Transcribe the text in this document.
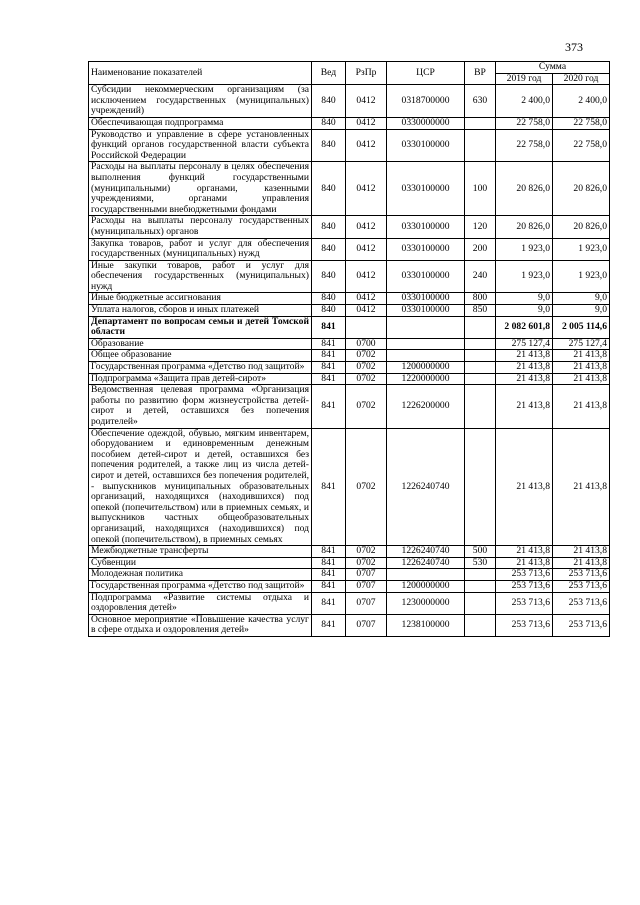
373
Наименование показателей	Вед	РзПр	ЦСР	ВР	Сумма	
					2019 год	2020 год
Субсидии некоммерческим организациям (за исключением государственных (муниципальных) учреждений)	840	0412	0318700000	630	2 400,0	2 400,0
Обеспечивающая подпрограмма	840	0412	0330000000		22 758,0	22 758,0
Руководство и управление в сфере установленных функций органов государственной власти субъекта Российской Федерации	840	0412	0330100000		22 758,0	22 758,0
Расходы на выплаты персоналу в целях обеспечения выполнения функций государственными (муниципальными) органами, казенными учреждениями, органами управления государственными внебюджетными фондами	840	0412	0330100000	100	20 826,0	20 826,0
Расходы на выплаты персоналу государственных (муниципальных) органов	840	0412	0330100000	120	20 826,0	20 826,0
Закупка товаров, работ и услуг для обеспечения государственных (муниципальных) нужд	840	0412	0330100000	200	1 923,0	1 923,0
Иные закупки товаров, работ и услуг для обеспечения государственных (муниципальных) нужд	840	0412	0330100000	240	1 923,0	1 923,0
Иные бюджетные ассигнования	840	0412	0330100000	800	9,0	9,0
Уплата налогов, сборов и иных платежей	840	0412	0330100000	850	9,0	9,0
Департамент по вопросам семьи и детей Томской области	841				2 082 601,8	2 005 114,6
Образование	841	0700			275 127,4	275 127,4
Общее образование	841	0702			21 413,8	21 413,8
Государственная программа «Детство под защитой»	841	0702	1200000000		21 413,8	21 413,8
Подпрограмма «Защита прав детей-сирот»	841	0702	1220000000		21 413,8	21 413,8
Ведомственная целевая программа «Организация работы по развитию форм жизнеустройства детей-сирот и детей, оставшихся без попечения родителей»	841	0702	1226200000		21 413,8	21 413,8
Обеспечение одеждой, обувью, мягким инвентарем, оборудованием и единовременным денежным пособием детей-сирот и детей, оставшихся без попечения родителей, а также лиц из числа детей-сирот и детей, оставшихся без попечения родителей, - выпускников муниципальных образовательных организаций, находящихся (находившихся) под опекой (попечительством) или в приемных семьях, и выпускников частных общеобразовательных организаций, находящихся (находившихся) под опекой (попечительством), в приемных семьях	841	0702	1226240740		21 413,8	21 413,8
Межбюджетные трансферты	841	0702	1226240740	500	21 413,8	21 413,8
Субвенции	841	0702	1226240740	530	21 413,8	21 413,8
Молодежная политика	841	0707			253 713,6	253 713,6
Государственная программа «Детство под защитой»	841	0707	1200000000		253 713,6	253 713,6
Подпрограмма «Развитие системы отдыха и оздоровления детей»	841	0707	1230000000		253 713,6	253 713,6
Основное мероприятие «Повышение качества услуг в сфере отдыха и оздоровления детей»	841	0707	1238100000		253 713,6	253 713,6
